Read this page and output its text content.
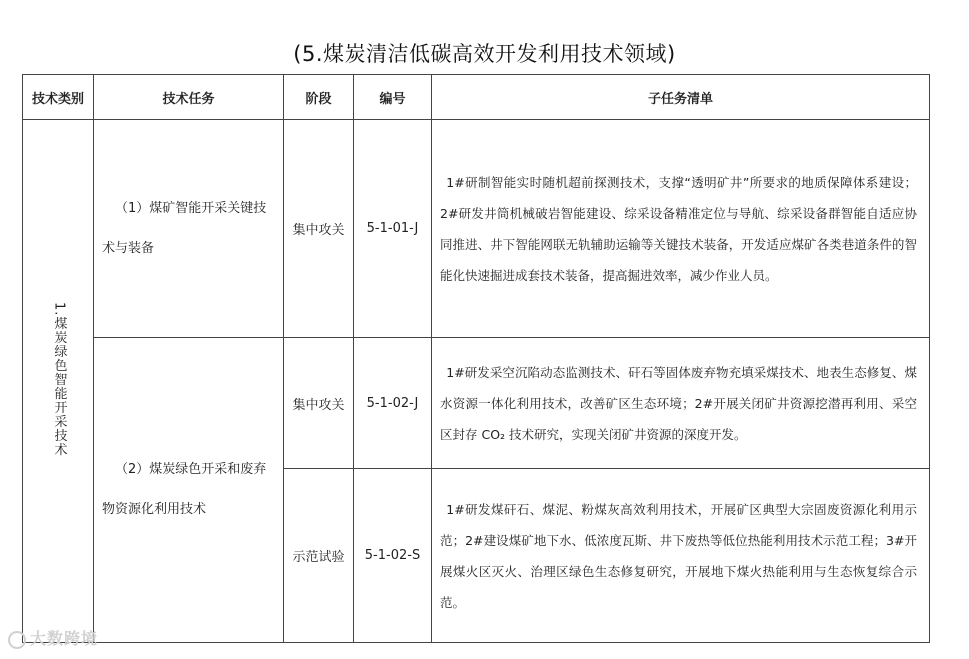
(5.煤炭清洁低碳高效开发利用技术领域)
技术类别	技术任务	阶段	编号	子任务清单
1.煤炭绿色智能开采技术	（1）煤矿智能开采关键技术与装备	集中攻关	5-1-01-J	1#研制智能实时随机超前探测技术，支撑“透明矿井”所要求的地质保障体系建设；2#研发井筒机械破岩智能建设、综采设备精准定位与导航、综采设备群智能自适应协同推进、井下智能网联无轨辅助运输等关键技术装备，开发适应煤矿各类巷道条件的智能化快速掘进成套技术装备，提高掘进效率，减少作业人员。

	（2）煤炭绿色开采和废弃物资源化利用技术	集中攻关	5-1-02-J	1#研发采空沉陷动态监测技术、矸石等固体废弃物充填采煤技术、地表生态修复、煤水资源一体化利用技术，改善矿区生态环境；2#开展关闭矿井资源挖潜再利用、采空区封存 CO₂ 技术研究，实现关闭矿井资源的深度开发。

		示范试验	5-1-02-S	1#研发煤矸石、煤泥、粉煤灰高效利用技术，开展矿区典型大宗固废资源化利用示范；2#建设煤矿地下水、低浓度瓦斯、井下废热等低位热能利用技术示范工程；3#开展煤火区灭火、治理区绿色生态修复研究，开展地下煤火热能利用与生态恢复综合示范。
大数跨境
